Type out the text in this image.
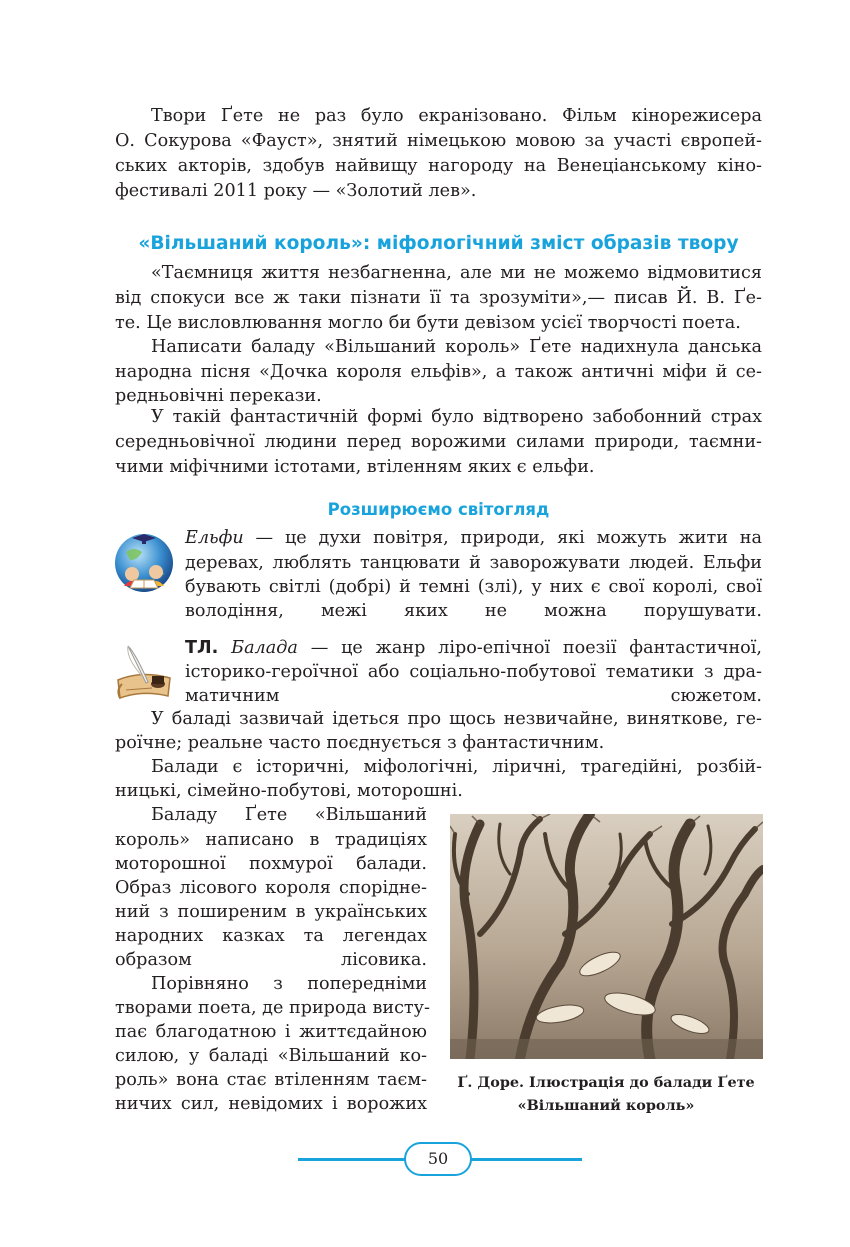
Твори Ґете не раз було екранізовано. Фільм кінорежисера
О. Сокурова «Фауст», знятий німецькою мовою за участі європей-
ських акторів, здобув найвищу нагороду на Венеціанському кіно-
фестивалі 2011 року — «Золотий лев».
«Вільшаний король»: міфологічний зміст образів твору
«Таємниця життя незбагненна, але ми не можемо відмовитися
від спокуси все ж таки пізнати її та зрозуміти»,— писав Й. В. Ґе-
те. Це висловлювання могло би бути девізом усієї творчості поета.
Написати баладу «Вільшаний король» Ґете надихнула данська
народна пісня «Дочка короля ельфів», а також античні міфи й се-
редньовічні перекази.
У такій фантастичній формі було відтворено забобонний страх
середньовічної людини перед ворожими силами природи, таємни-
чими міфічними істотами, втіленням яких є ельфи.
Розширюємо світогляд
Ельфи — це духи повітря, природи, які можуть жити на
деревах, люблять танцювати й заворожувати людей. Ельфи
бувають світлі (добрі) й темні (злі), у них є свої королі, свої
володіння, межі яких не можна порушувати.
ТЛ. Балада — це жанр ліро-епічної поезії фантастичної,
історико-героїчної або соціально-побутової тематики з дра-
матичним сюжетом.
У баладі зазвичай ідеться про щось незвичайне, виняткове, ге-
роїчне; реальне часто поєднується з фантастичним.
Балади є історичні, міфологічні, ліричні, трагедійні, розбій-
ницькі, сімейно-побутові, моторошні.
Баладу Ґете «Вільшаний
король» написано в традиціях
моторошної похмурої балади.
Образ лісового короля спорідне-
ний з поширеним в українських
народних казках та легендах
образом лісовика.
Порівняно з попередніми
творами поета, де природа висту-
пає благодатною і життєдайною
силою, у баладі «Вільшаний ко-
роль» вона стає втіленням таєм-
ничих сил, невідомих і ворожих
Ґ. Доре. Ілюстрація до балади Ґете
«Вільшаний король»
50
